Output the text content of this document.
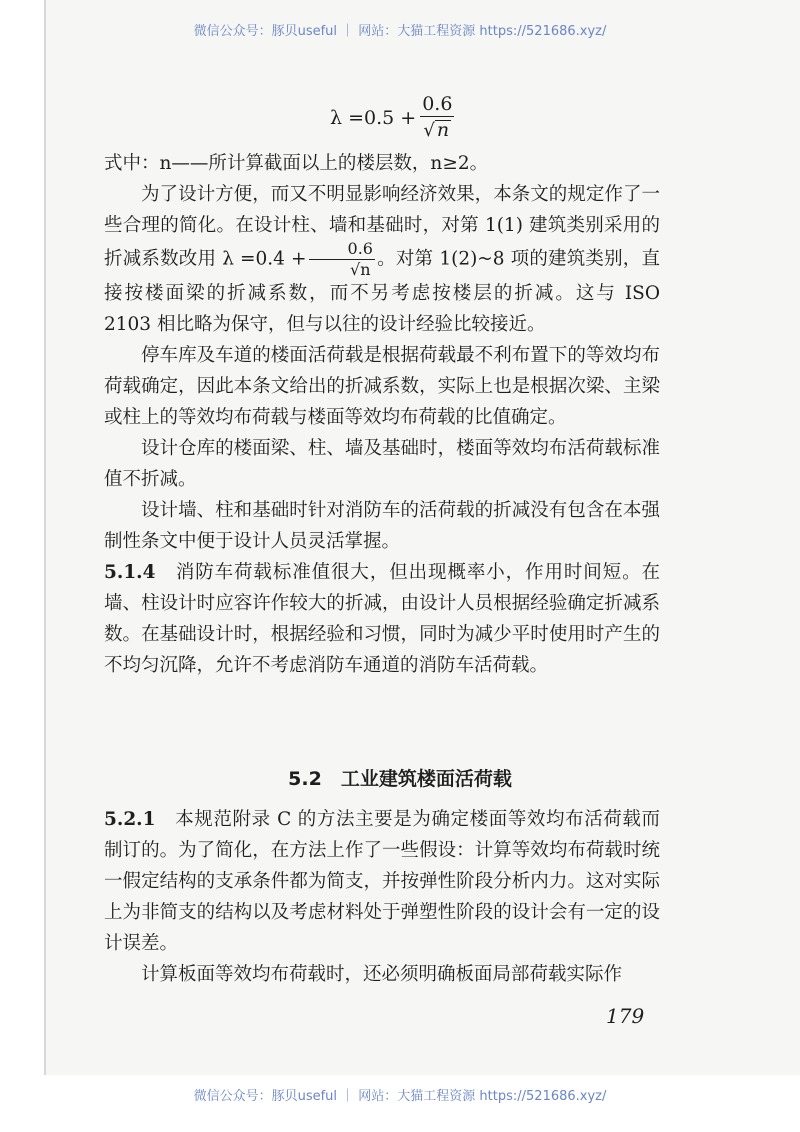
微信公众号：豚贝useful ｜ 网站：大猫工程资源 https://521686.xyz/
$\lambda =0.5 + \frac{0.6}{√ n}$

式中：n——所计算截面以上的楼层数，n≥2。

为了设计方便，而又不明显影响经济效果，本条文的规定作了一些合理的简化。在设计柱、墙和基础时，对第 1(1) 建筑类别采用的折减系数改用 $\lambda =0.4 + \frac{0.6}{√n}$ 。对第 1(2)~8 项的建筑类别，直接按楼面梁的折减系数，而不另考虑按楼层的折减。这与 ISO 2103 相比略为保守，但与以往的设计经验比较接近。

停车库及车道的楼面活荷载是根据荷载最不利布置下的等效均布荷载确定，因此本条文给出的折减系数，实际上也是根据次梁、主梁或柱上的等效均布荷载与楼面等效均布荷载的比值确定。

设计仓库的楼面梁、柱、墙及基础时，楼面等效均布活荷载标准值不折减。

设计墙、柱和基础时针对消防车的活荷载的折减没有包含在本强制性条文中便于设计人员灵活掌握。

5.1.4　 消防车荷载标准值很大，但出现概率小，作用时间短。在墙、柱设计时应容许作较大的折减，由设计人员根据经验确定折减系数。在基础设计时，根据经验和习惯，同时为减少平时使用时产生的不均匀沉降，允许不考虑消防车通道的消防车活荷载。

5.2　工业建筑楼面活荷载

5.2.1　 本规范附录 C 的方法主要是为确定楼面等效均布活荷载而制订的。为了简化，在方法上作了一些假设：计算等效均布荷载时统一假定结构的支承条件都为简支，并按弹性阶段分析内力。这对实际上为非简支的结构以及考虑材料处于弹塑性阶段的设计会有一定的设计误差。

计算板面等效均布荷载时，还必须明确板面局部荷载实际作

179
微信公众号：豚贝useful ｜ 网站：大猫工程资源 https://521686.xyz/
